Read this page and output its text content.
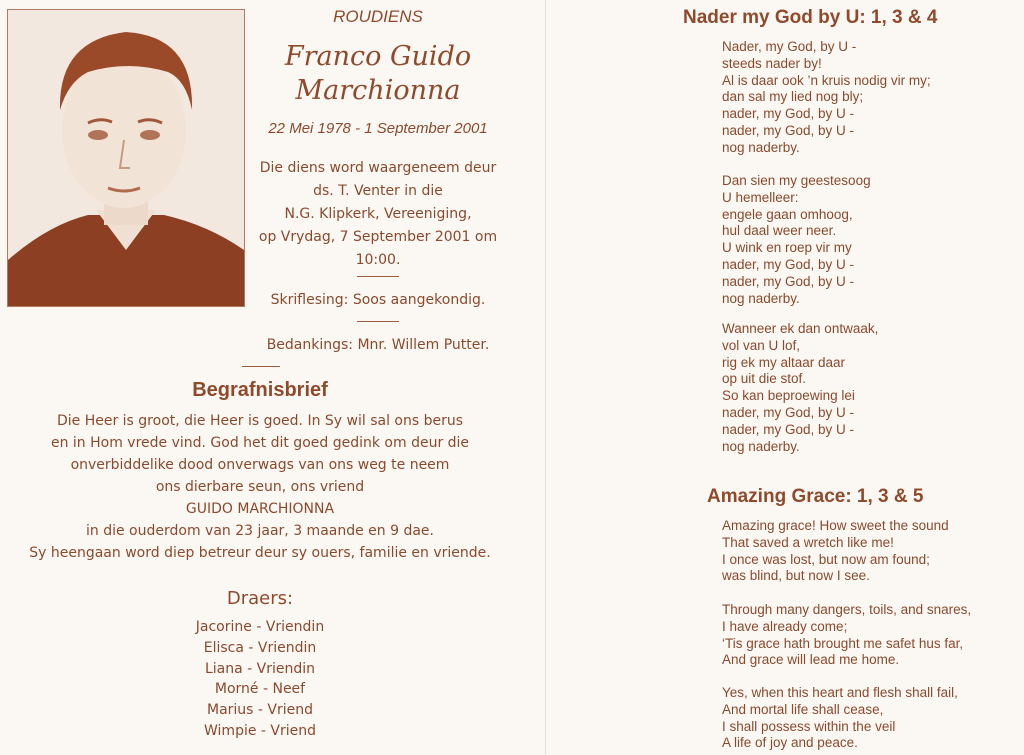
ROUDIENS
Franco Guido
Marchionna
22 Mei 1978 - 1 September 2001
Die diens word waargeneem deur
ds. T. Venter in die
N.G. Klipkerk, Vereeniging,
op Vrydag, 7 September 2001 om
10:00.
Skriflesing: Soos aangekondig.
Bedankings: Mnr. Willem Putter.
Begrafnisbrief
Die Heer is groot, die Heer is goed. In Sy wil sal ons berus
en in Hom vrede vind. God het dit goed gedink om deur die
onverbiddelike dood onverwags van ons weg te neem
ons dierbare seun, ons vriend
GUIDO MARCHIONNA
in die ouderdom van 23 jaar, 3 maande en 9 dae.
Sy heengaan word diep betreur deur sy ouers, familie en vriende.
Draers:
Jacorine - Vriendin
Elisca - Vriendin
Liana - Vriendin
Morné - Neef
Marius - Vriend
Wimpie - Vriend
Nader my God by U: 1, 3 & 4
Nader, my God, by U -
steeds nader by!
Al is daar ook ’n kruis nodig vir my;
dan sal my lied nog bly;
nader, my God, by U -
nader, my God, by U -
nog naderby.
Dan sien my geestesoog
U hemelleer:
engele gaan omhoog,
hul daal weer neer.
U wink en roep vir my
nader, my God, by U -
nader, my God, by U -
nog naderby.
Wanneer ek dan ontwaak,
vol van U lof,
rig ek my altaar daar
op uit die stof.
So kan beproewing lei
nader, my God, by U -
nader, my God, by U -
nog naderby.
Amazing Grace: 1, 3 & 5
Amazing grace! How sweet the sound
That saved a wretch like me!
I once was lost, but now am found;
was blind, but now I see.
Through many dangers, toils, and snares,
I have already come;
‘Tis grace hath brought me safet hus far,
And grace will lead me home.
Yes, when this heart and flesh shall fail,
And mortal life shall cease,
I shall possess within the veil
A life of joy and peace.
